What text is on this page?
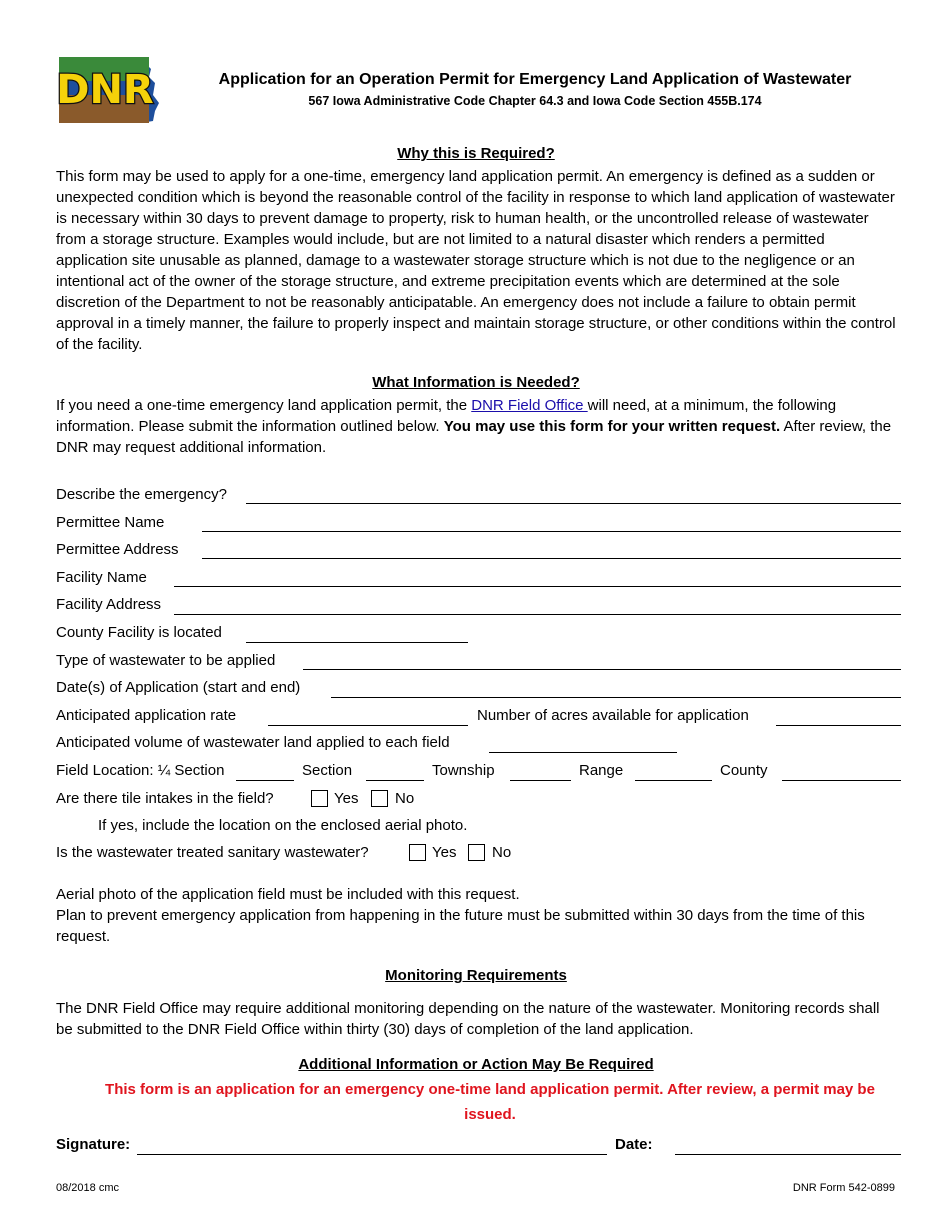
DNR	Application for an Operation Permit for Emergency Land Application of Wastewater
567 Iowa Administrative Code Chapter 64.3 and Iowa Code Section 455B.174
Why this is Required?
This form may be used to apply for a one-time, emergency land application permit. An emergency is defined as a sudden or unexpected condition which is beyond the reasonable control of the facility in response to which land application of wastewater is necessary within 30 days to prevent damage to property, risk to human health, or the uncontrolled release of wastewater from a storage structure. Examples would include, but are not limited to a natural disaster which renders a permitted application site unusable as planned, damage to a wastewater storage structure which is not due to the negligence or an intentional act of the owner of the storage structure, and extreme precipitation events which are determined at the sole discretion of the Department to not be reasonably anticipatable. An emergency does not include a failure to obtain permit approval in a timely manner, the failure to properly inspect and maintain storage structure, or other conditions within the control of the facility.
What Information is Needed?
If you need a one-time emergency land application permit, the DNR Field Office will need, at a minimum, the following information. Please submit the information outlined below. You may use this form for your written request. After review, the DNR may request additional information.
Describe the emergency?
Permittee Name
Permittee Address
Facility Name
Facility Address
County Facility is located
Type of wastewater to be applied
Date(s) of Application (start and end)
Anticipated application rate	Number of acres available for application
Anticipated volume of wastewater land applied to each field
Field Location: ¼ Section	Section	Township	Range	County
Are there tile intakes in the field?	Yes No
If yes, include the location on the enclosed aerial photo.
Is the wastewater treated sanitary wastewater?	Yes No
Aerial photo of the application field must be included with this request.
Plan to prevent emergency application from happening in the future must be submitted within 30 days from the time of this request.
Monitoring Requirements
The DNR Field Office may require additional monitoring depending on the nature of the wastewater. Monitoring records shall be submitted to the DNR Field Office within thirty (30) days of completion of the land application.
Additional Information or Action May Be Required
This form is an application for an emergency one-time land application permit. After review, a permit may be issued.
Signature:	Date:
08/2018 cmc	DNR Form 542-0899
